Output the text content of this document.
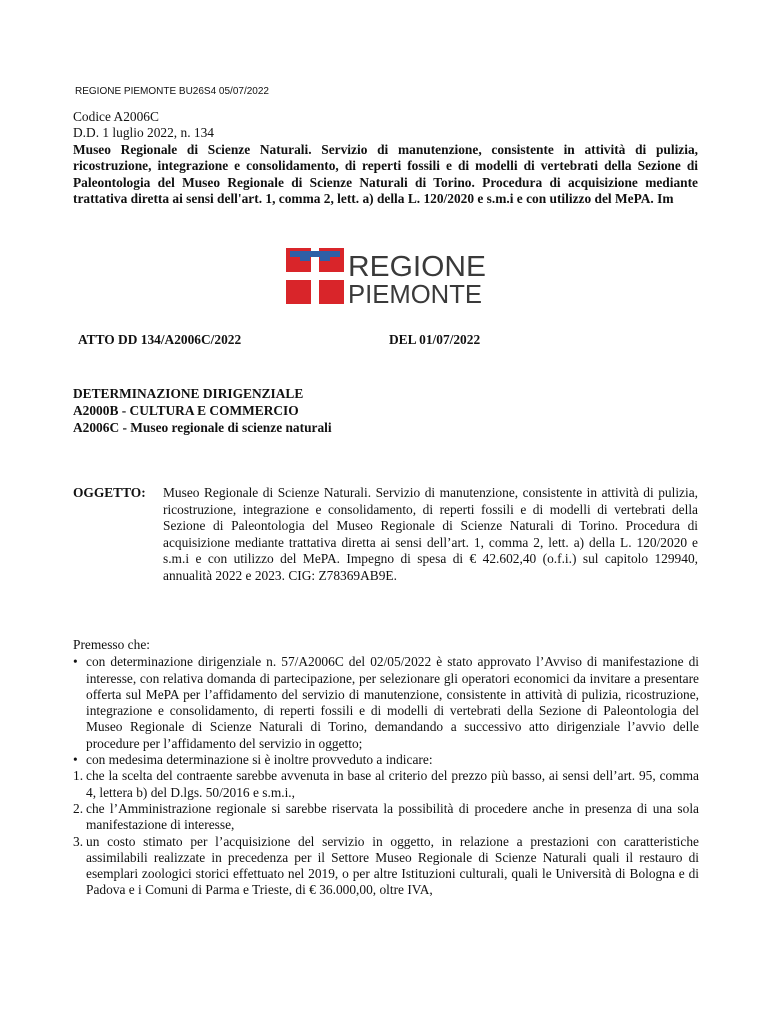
REGIONE PIEMONTE BU26S4 05/07/2022
Codice A2006C
D.D. 1 luglio 2022, n. 134
Museo Regionale di Scienze Naturali. Servizio di manutenzione, consistente in attività di pulizia, ricostruzione, integrazione e consolidamento, di reperti fossili e di modelli di vertebrati della Sezione di Paleontologia del Museo Regionale di Scienze Naturali di Torino. Procedura di acquisizione mediante trattativa diretta ai sensi dell'art. 1, comma 2, lett. a) della L. 120/2020 e s.m.i e con utilizzo del MePA. Im
REGIONE
PIEMONTE
ATTO DD 134/A2006C/2022	DEL 01/07/2022
DETERMINAZIONE DIRIGENZIALE
A2000B - CULTURA E COMMERCIO
A2006C - Museo regionale di scienze naturali
OGGETTO: Museo Regionale di Scienze Naturali. Servizio di manutenzione, consistente in attività di pulizia, ricostruzione, integrazione e consolidamento, di reperti fossili e di modelli di vertebrati della Sezione di Paleontologia del Museo Regionale di Scienze Naturali di Torino. Procedura di acquisizione mediante trattativa diretta ai sensi dell’art. 1, comma 2, lett. a) della L. 120/2020 e s.m.i e con utilizzo del MePA. Impegno di spesa di € 42.602,40 (o.f.i.) sul capitolo 129940, annualità 2022 e 2023. CIG: Z78369AB9E.
Premesso che:
• con determinazione dirigenziale n. 57/A2006C del 02/05/2022 è stato approvato l’Avviso di manifestazione di interesse, con relativa domanda di partecipazione, per selezionare gli operatori economici da invitare a presentare offerta sul MePA per l’affidamento del servizio di manutenzione, consistente in attività di pulizia, ricostruzione, integrazione e consolidamento, di reperti fossili e di modelli di vertebrati della Sezione di Paleontologia del Museo Regionale di Scienze Naturali di Torino, demandando a successivo atto dirigenziale l’avvio delle procedure per l’affidamento del servizio in oggetto;
• con medesima determinazione si è inoltre provveduto a indicare:
1. che la scelta del contraente sarebbe avvenuta in base al criterio del prezzo più basso, ai sensi dell’art. 95, comma 4, lettera b) del D.lgs. 50/2016 e s.m.i.,
2. che l’Amministrazione regionale si sarebbe riservata la possibilità di procedere anche in presenza di una sola manifestazione di interesse,
3. un costo stimato per l’acquisizione del servizio in oggetto, in relazione a prestazioni con caratteristiche assimilabili realizzate in precedenza per il Settore Museo Regionale di Scienze Naturali quali il restauro di esemplari zoologici storici effettuato nel 2019, o per altre Istituzioni culturali, quali le Università di Bologna e di Padova e i Comuni di Parma e Trieste, di € 36.000,00, oltre IVA,
